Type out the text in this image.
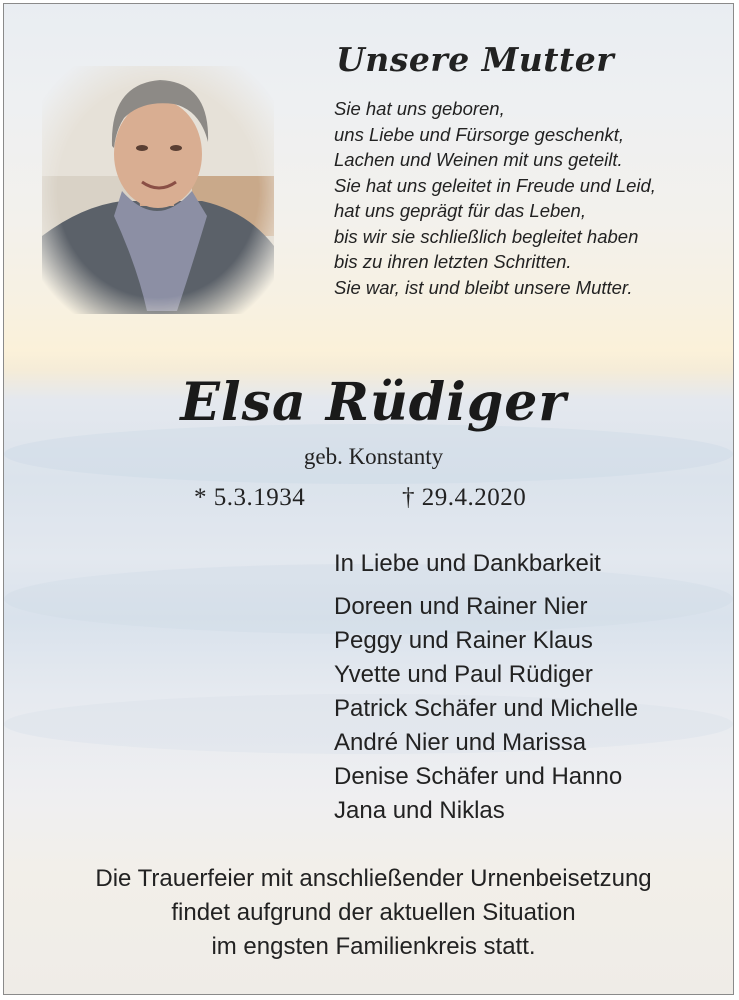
Unsere Mutter
Sie hat uns geboren,
uns Liebe und Fürsorge geschenkt,
Lachen und Weinen mit uns geteilt.
Sie hat uns geleitet in Freude und Leid,
hat uns geprägt für das Leben,
bis wir sie schließlich begleitet haben
bis zu ihren letzten Schritten.
Sie war, ist und bleibt unsere Mutter.
Elsa Rüdiger
geb. Konstanty
* 5.3.1934	† 29.4.2020

In Liebe und Dankbarkeit

Doreen und Rainer Nier
Peggy und Rainer Klaus
Yvette und Paul Rüdiger
Patrick Schäfer und Michelle
André Nier und Marissa
Denise Schäfer und Hanno
Jana und Niklas
Die Trauerfeier mit anschließender Urnenbeisetzung
findet aufgrund der aktuellen Situation
im engsten Familienkreis statt.
